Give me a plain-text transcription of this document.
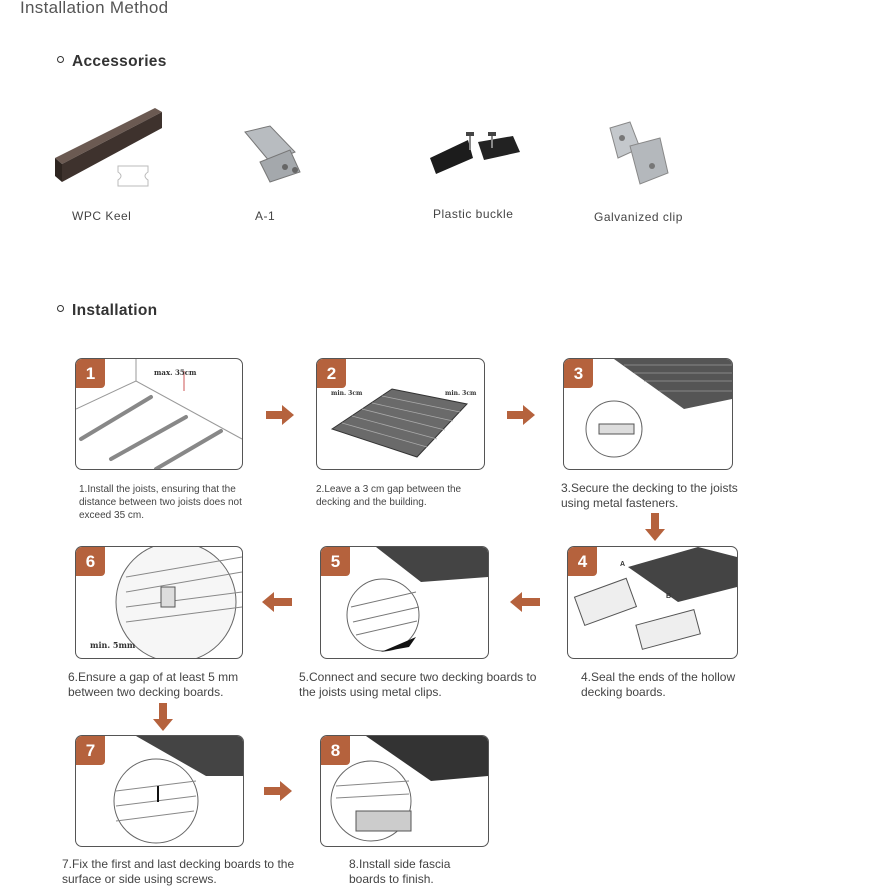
Installation Method
Accessories
WPC Keel	A-1	Plastic buckle	Galvanized clip
Installation
1	max. 35cm
1.Install the joists, ensuring that the distance between two joists does not exceed 35 cm.
2
min. 3cm	min. 3cm
2.Leave a 3 cm gap between the decking and the building.
3
3.Secure the decking to the joists using metal fasteners.
4	A
B
4.Seal the ends of the hollow decking boards.
5
5.Connect and secure two decking boards to the joists using metal clips.
6
min. 5mm
6.Ensure a gap of at least 5 mm between two decking boards.
7
7.Fix the first and last decking boards to the surface or side using screws.
8
8.Install side fascia boards to finish.
